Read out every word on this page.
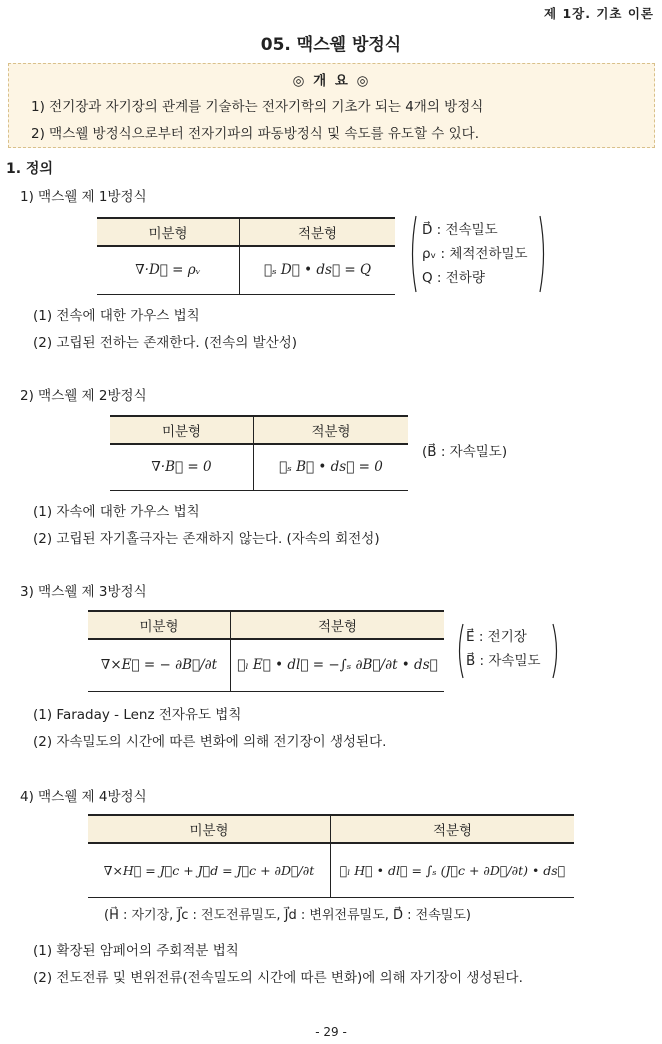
제 1장. 기초 이론
05. 맥스웰 방정식
◎ 개 요 ◎
1) 전기장과 자기장의 관계를 기술하는 전자기학의 기초가 되는 4개의 방정식
2) 맥스웰 방정식으로부터 전자기파의 파동방정식 및 속도를 유도할 수 있다.
1. 정의
1) 맥스웰 제 1방정식
미분형	적분형
∇·D⃗ = ρᵥ	∮ₛ D⃗ • ds⃗ = Q
D⃗ : 전속밀도
ρᵥ : 체적전하밀도
Q : 전하량
(1) 전속에 대한 가우스 법칙
(2) 고립된 전하는 존재한다. (전속의 발산성)
2) 맥스웰 제 2방정식
미분형	적분형
∇·B⃗ = 0	∮ₛ B⃗ • ds⃗ = 0
(B⃗ : 자속밀도)
(1) 자속에 대한 가우스 법칙
(2) 고립된 자기홀극자는 존재하지 않는다. (자속의 회전성)
3) 맥스웰 제 3방정식
미분형	적분형
∇×E⃗ = − ∂B⃗/∂t	∮ₗ E⃗ • dl⃗ = −∫ₛ ∂B⃗/∂t • ds⃗
E⃗ : 전기장
B⃗ : 자속밀도
(1) Faraday - Lenz 전자유도 법칙
(2) 자속밀도의 시간에 따른 변화에 의해 전기장이 생성된다.
4) 맥스웰 제 4방정식
미분형	적분형
∇×H⃗ = J⃗c + J⃗d = J⃗c + ∂D⃗/∂t	∮ₗ H⃗ • dl⃗ = ∫ₛ (J⃗c + ∂D⃗/∂t) • ds⃗
(H⃗ : 자기장, J⃗c : 전도전류밀도, J⃗d : 변위전류밀도, D⃗ : 전속밀도)
(1) 확장된 암페어의 주회적분 법칙
(2) 전도전류 및 변위전류(전속밀도의 시간에 따른 변화)에 의해 자기장이 생성된다.
- 29 -
